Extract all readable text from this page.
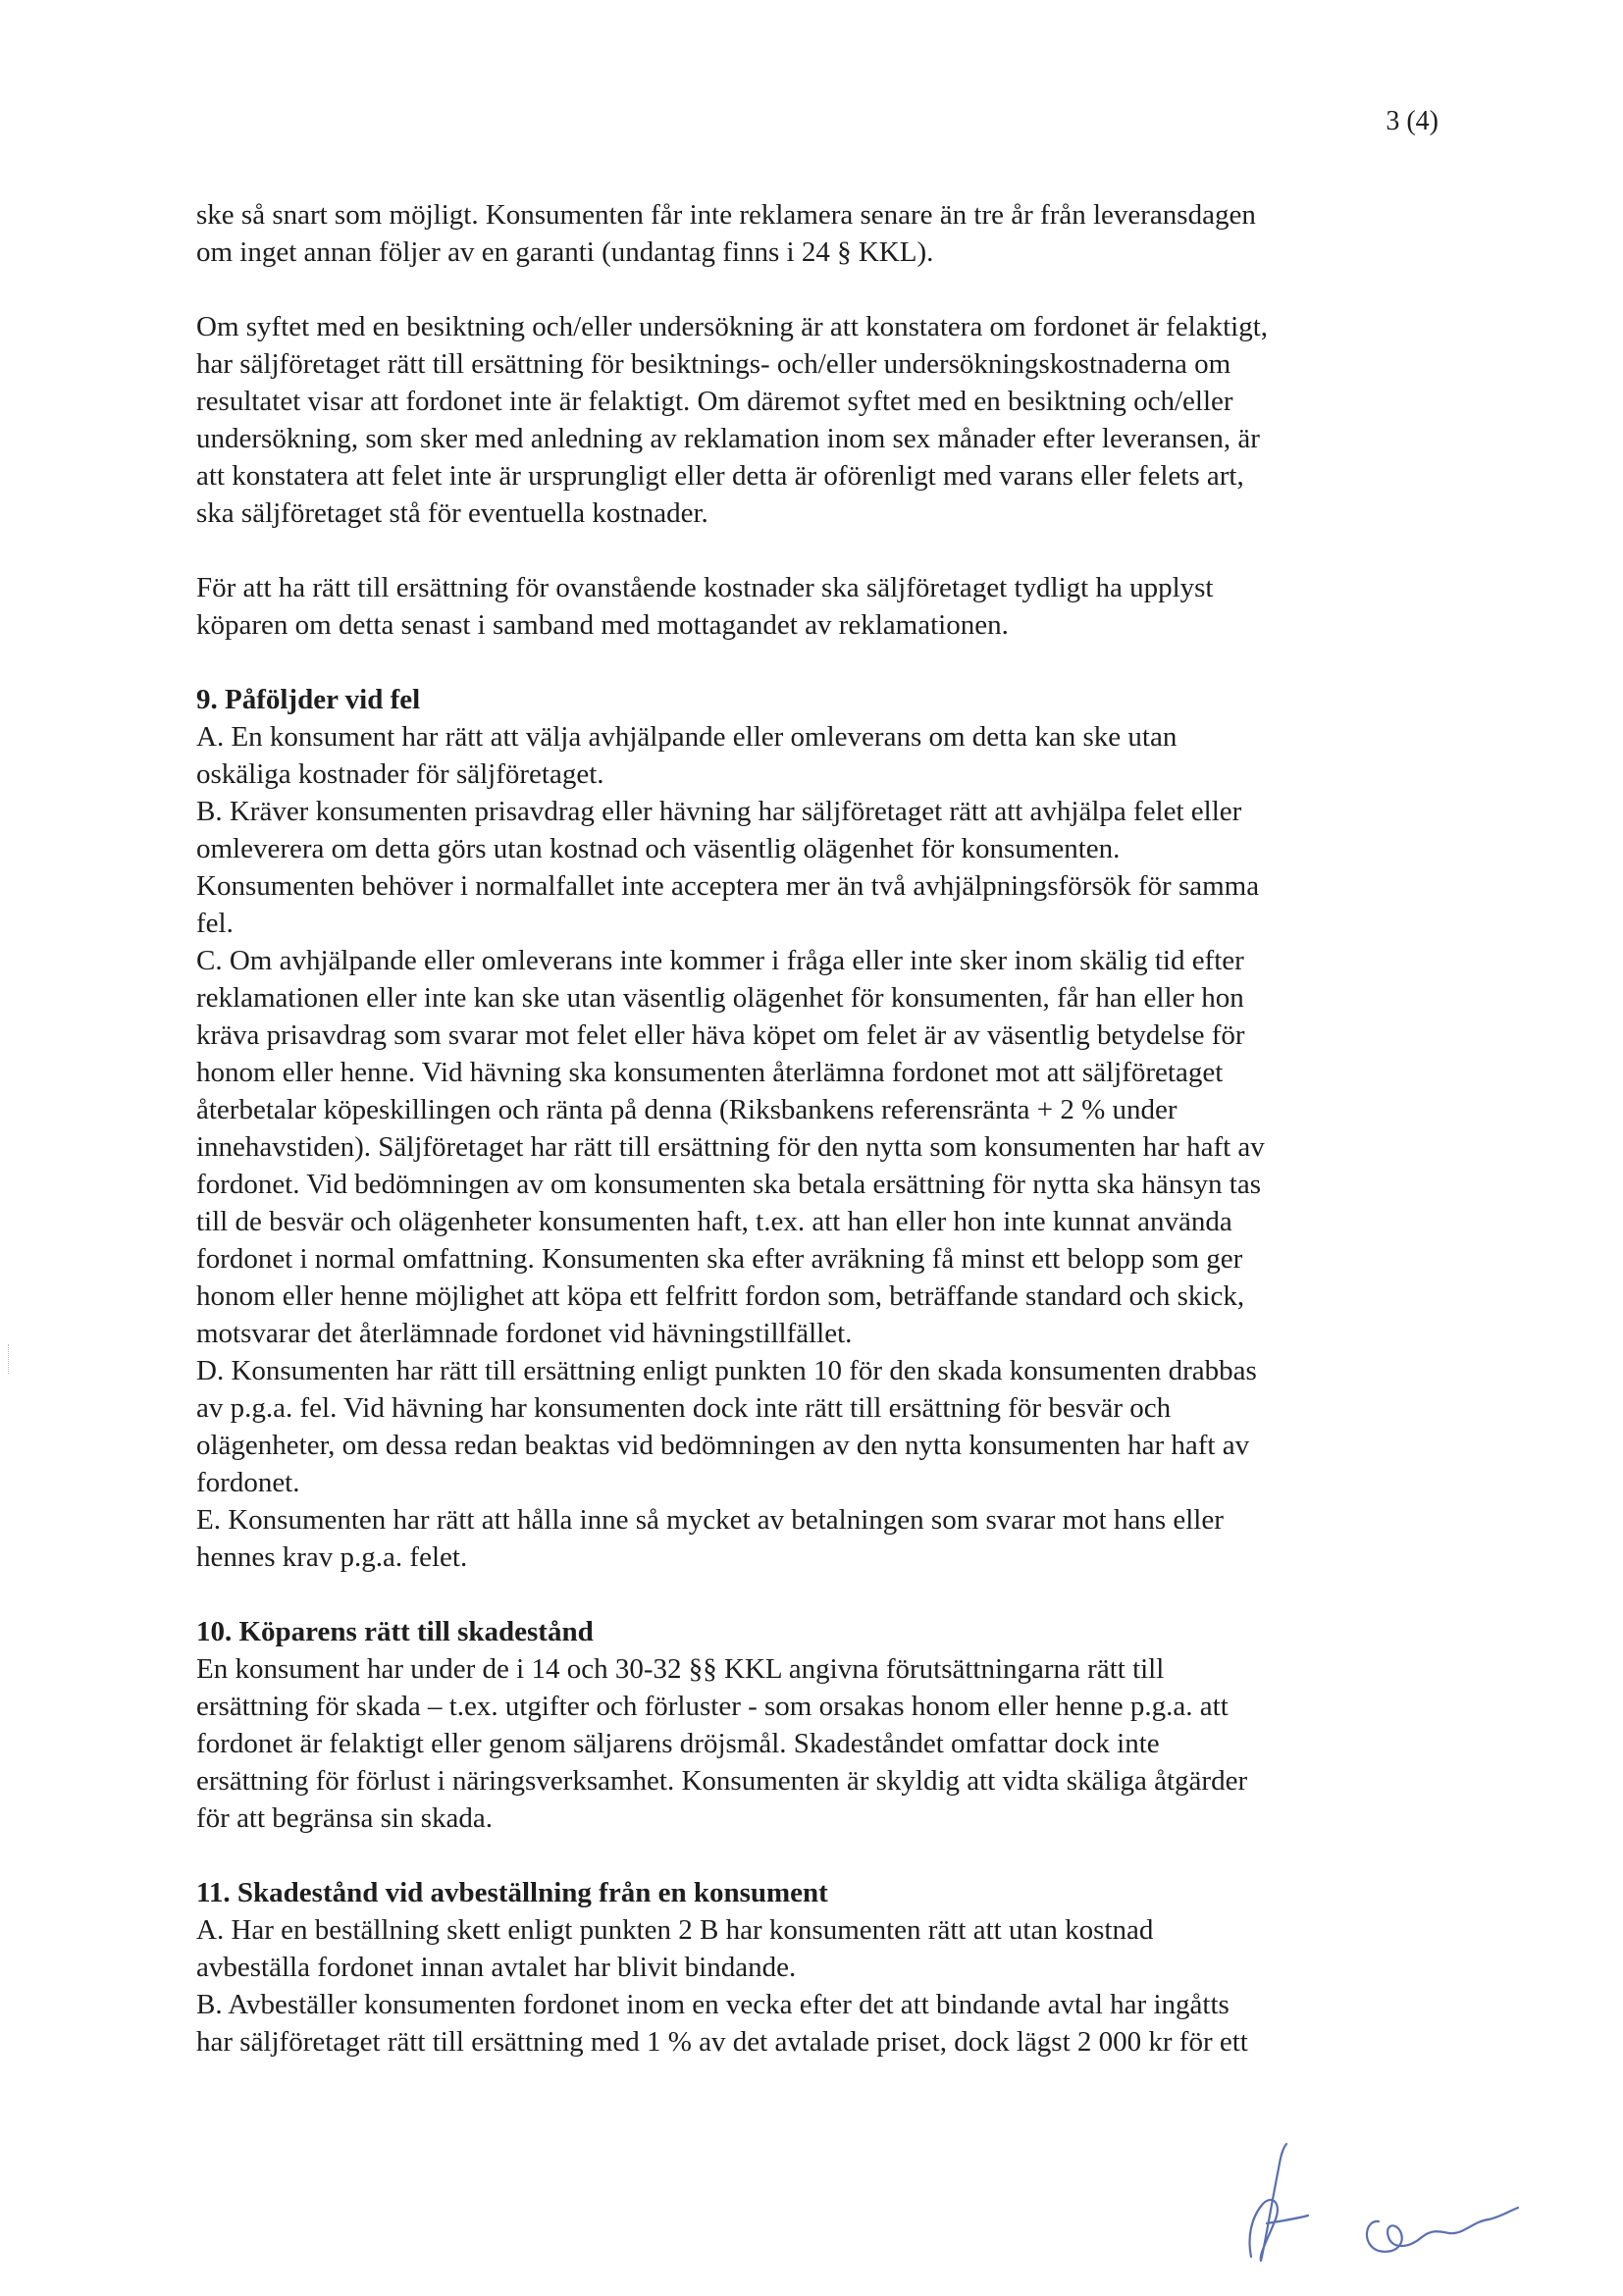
3 (4)

ske så snart som möjligt. Konsumenten får inte reklamera senare än tre år från leveransdagen
om inget annan följer av en garanti (undantag finns i 24 § KKL).

Om syftet med en besiktning och/eller undersökning är att konstatera om fordonet är felaktigt,
har säljföretaget rätt till ersättning för besiktnings- och/eller undersökningskostnaderna om
resultatet visar att fordonet inte är felaktigt. Om däremot syftet med en besiktning och/eller
undersökning, som sker med anledning av reklamation inom sex månader efter leveransen, är
att konstatera att felet inte är ursprungligt eller detta är oförenligt med varans eller felets art,
ska säljföretaget stå för eventuella kostnader.

För att ha rätt till ersättning för ovanstående kostnader ska säljföretaget tydligt ha upplyst
köparen om detta senast i samband med mottagandet av reklamationen.

9. Påföljder vid fel
A. En konsument har rätt att välja avhjälpande eller omleverans om detta kan ske utan
oskäliga kostnader för säljföretaget.
B. Kräver konsumenten prisavdrag eller hävning har säljföretaget rätt att avhjälpa felet eller
omleverera om detta görs utan kostnad och väsentlig olägenhet för konsumenten.
Konsumenten behöver i normalfallet inte acceptera mer än två avhjälpningsförsök för samma
fel.
C. Om avhjälpande eller omleverans inte kommer i fråga eller inte sker inom skälig tid efter
reklamationen eller inte kan ske utan väsentlig olägenhet för konsumenten, får han eller hon
kräva prisavdrag som svarar mot felet eller häva köpet om felet är av väsentlig betydelse för
honom eller henne. Vid hävning ska konsumenten återlämna fordonet mot att säljföretaget
återbetalar köpeskillingen och ränta på denna (Riksbankens referensränta + 2 % under
innehavstiden). Säljföretaget har rätt till ersättning för den nytta som konsumenten har haft av
fordonet. Vid bedömningen av om konsumenten ska betala ersättning för nytta ska hänsyn tas
till de besvär och olägenheter konsumenten haft, t.ex. att han eller hon inte kunnat använda
fordonet i normal omfattning. Konsumenten ska efter avräkning få minst ett belopp som ger
honom eller henne möjlighet att köpa ett felfritt fordon som, beträffande standard och skick,
motsvarar det återlämnade fordonet vid hävningstillfället.
D. Konsumenten har rätt till ersättning enligt punkten 10 för den skada konsumenten drabbas
av p.g.a. fel. Vid hävning har konsumenten dock inte rätt till ersättning för besvär och
olägenheter, om dessa redan beaktas vid bedömningen av den nytta konsumenten har haft av
fordonet.
E. Konsumenten har rätt att hålla inne så mycket av betalningen som svarar mot hans eller
hennes krav p.g.a. felet.
10. Köparens rätt till skadestånd
En konsument har under de i 14 och 30-32 §§ KKL angivna förutsättningarna rätt till
ersättning för skada – t.ex. utgifter och förluster - som orsakas honom eller henne p.g.a. att
fordonet är felaktigt eller genom säljarens dröjsmål. Skadeståndet omfattar dock inte
ersättning för förlust i näringsverksamhet. Konsumenten är skyldig att vidta skäliga åtgärder
för att begränsa sin skada.
11. Skadestånd vid avbeställning från en konsument
A. Har en beställning skett enligt punkten 2 B har konsumenten rätt att utan kostnad
avbeställa fordonet innan avtalet har blivit bindande.
B. Avbeställer konsumenten fordonet inom en vecka efter det att bindande avtal har ingåtts
har säljföretaget rätt till ersättning med 1 % av det avtalade priset, dock lägst 2 000 kr för ett
